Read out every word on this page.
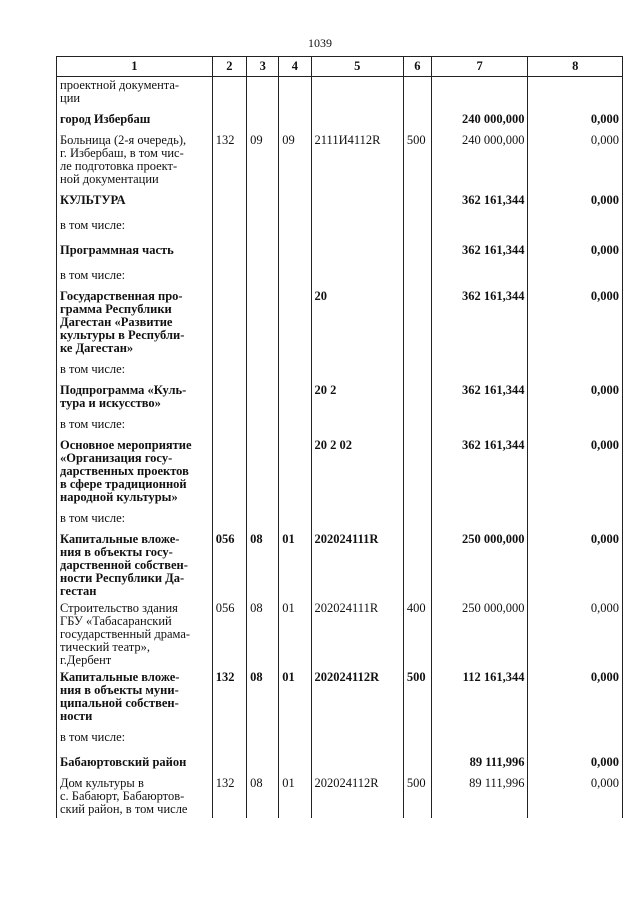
1039
1	2	3	4	5	6	7	8
проектной документа-
ции							
город Избербаш						240 000,000	0,000
Больница (2-я очередь),
г. Избербаш, в том чис-
ле подготовка проект-
ной документации	132	09	09	2111И4112R	500	240 000,000	0,000
КУЛЬТУРА						362 161,344	0,000
в том числе:							
Программная часть						362 161,344	0,000
в том числе:							
Государственная про-
грамма Республики
Дагестан «Развитие
культуры в Республи-
ке Дагестан»				20		362 161,344	0,000
в том числе:							
Подпрограмма «Куль-
тура и искусство»				20 2		362 161,344	0,000
в том числе:							
Основное мероприятие
«Организация госу-
дарственных проектов
в сфере традиционной
народной культуры»				20 2 02		362 161,344	0,000
в том числе:							
Капитальные вложе-
ния в объекты госу-
дарственной собствен-
ности Республики Да-
гестан	056	08	01	202024111R		250 000,000	0,000
Строительство здания
ГБУ «Табасаранский
государственный драма-
тический театр»,
г.Дербент	056	08	01	202024111R	400	250 000,000	0,000
Капитальные вложе-
ния в объекты муни-
ципальной собствен-
ности	132	08	01	202024112R	500	112 161,344	0,000
в том числе:							
Бабаюртовский район						89 111,996	0,000
Дом культуры в
с. Бабаюрт, Бабаюртов-
ский район, в том числе	132	08	01	202024112R	500	89 111,996	0,000
